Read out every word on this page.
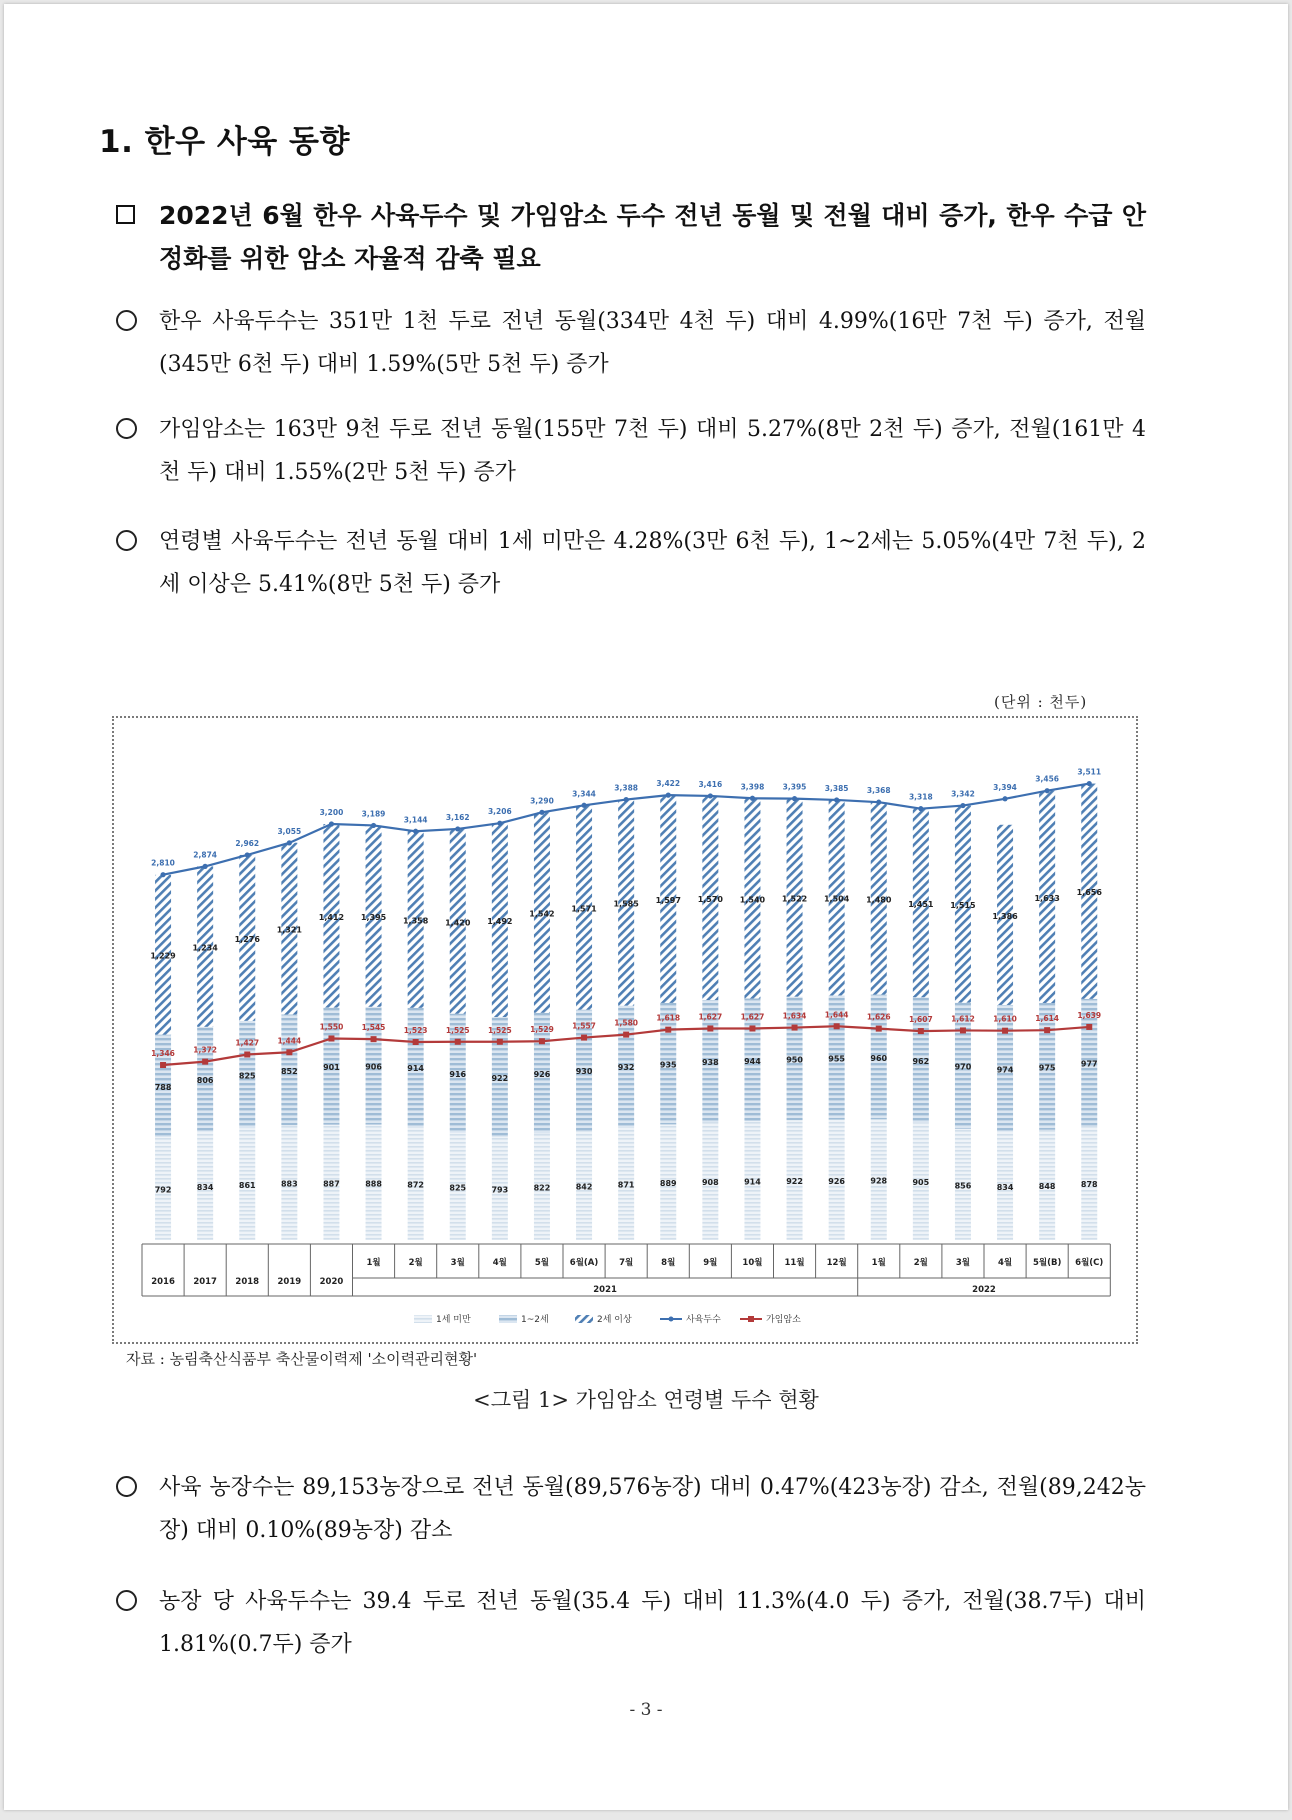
1. 한우 사육 동향
2022년 6월 한우 사육두수 및 가임암소 두수 전년 동월 및 전월 대비 증가, 한우 수급 안정화를 위한 암소 자율적 감축 필요
한우 사육두수는 351만 1천 두로 전년 동월(334만 4천 두) 대비 4.99%(16만 7천 두) 증가, 전월(345만 6천 두) 대비 1.59%(5만 5천 두) 증가
가임암소는 163만 9천 두로 전년 동월(155만 7천 두) 대비 5.27%(8만 2천 두) 증가, 전월(161만 4천 두) 대비 1.55%(2만 5천 두) 증가
연령별 사육두수는 전년 동월 대비 1세 미만은 4.28%(3만 6천 두), 1~2세는 5.05%(4만 7천 두), 2세 이상은 5.41%(8만 5천 두) 증가
(단위 : 천두)
792
788
1,229
834
806
1,234
861
825
1,276
883
852
1,321
887
901
1,412
888
906
1,395
872
914
1,358
825
916
1,420
793
922
1,492
822
926
1,542
842
930
1,571
871
932
1,585
889
935
1,597
908
938
1,570
914
944
1,540
922
950
1,522
926
955
1,504
928
960
1,480
905
962
1,451
856
970
1,515
834
974
1,386
848
975
1,633
878
977
1,656
2,810
1,346
2,874
1,372
2,962
1,427
3,055
1,444
3,200
1,550
3,189
1,545
3,144
1,523
3,162
1,525
3,206
1,525
3,290
1,529
3,344
1,557
3,388
1,580
3,422
1,618
3,416
1,627
3,398
1,627
3,395
1,634
3,385
1,644
3,368
1,626
3,318
1,607
3,342
1,612
3,394
1,610
3,456
1,614
3,511
1,639
2016 2017 2018 2019 2020
1월	2월	3월	4월	5월 6월(A) 7월	8월	9월	10월	11월	12월	1월	2월	3월	4월 5월(B) 6월(C)
2021	2022
1세 미만	1~2세	2세 이상	사육두수	가임암소
자료 : 농림축산식품부 축산물이력제 '소이력관리현황'
<그림 1> 가임암소 연령별 두수 현황
사육 농장수는 89,153농장으로 전년 동월(89,576농장) 대비 0.47%(423농장) 감소, 전월(89,242농장) 대비 0.10%(89농장) 감소
농장 당 사육두수는 39.4 두로 전년 동월(35.4 두) 대비 11.3%(4.0 두) 증가, 전월(38.7두) 대비 1.81%(0.7두) 증가
- 3 -
